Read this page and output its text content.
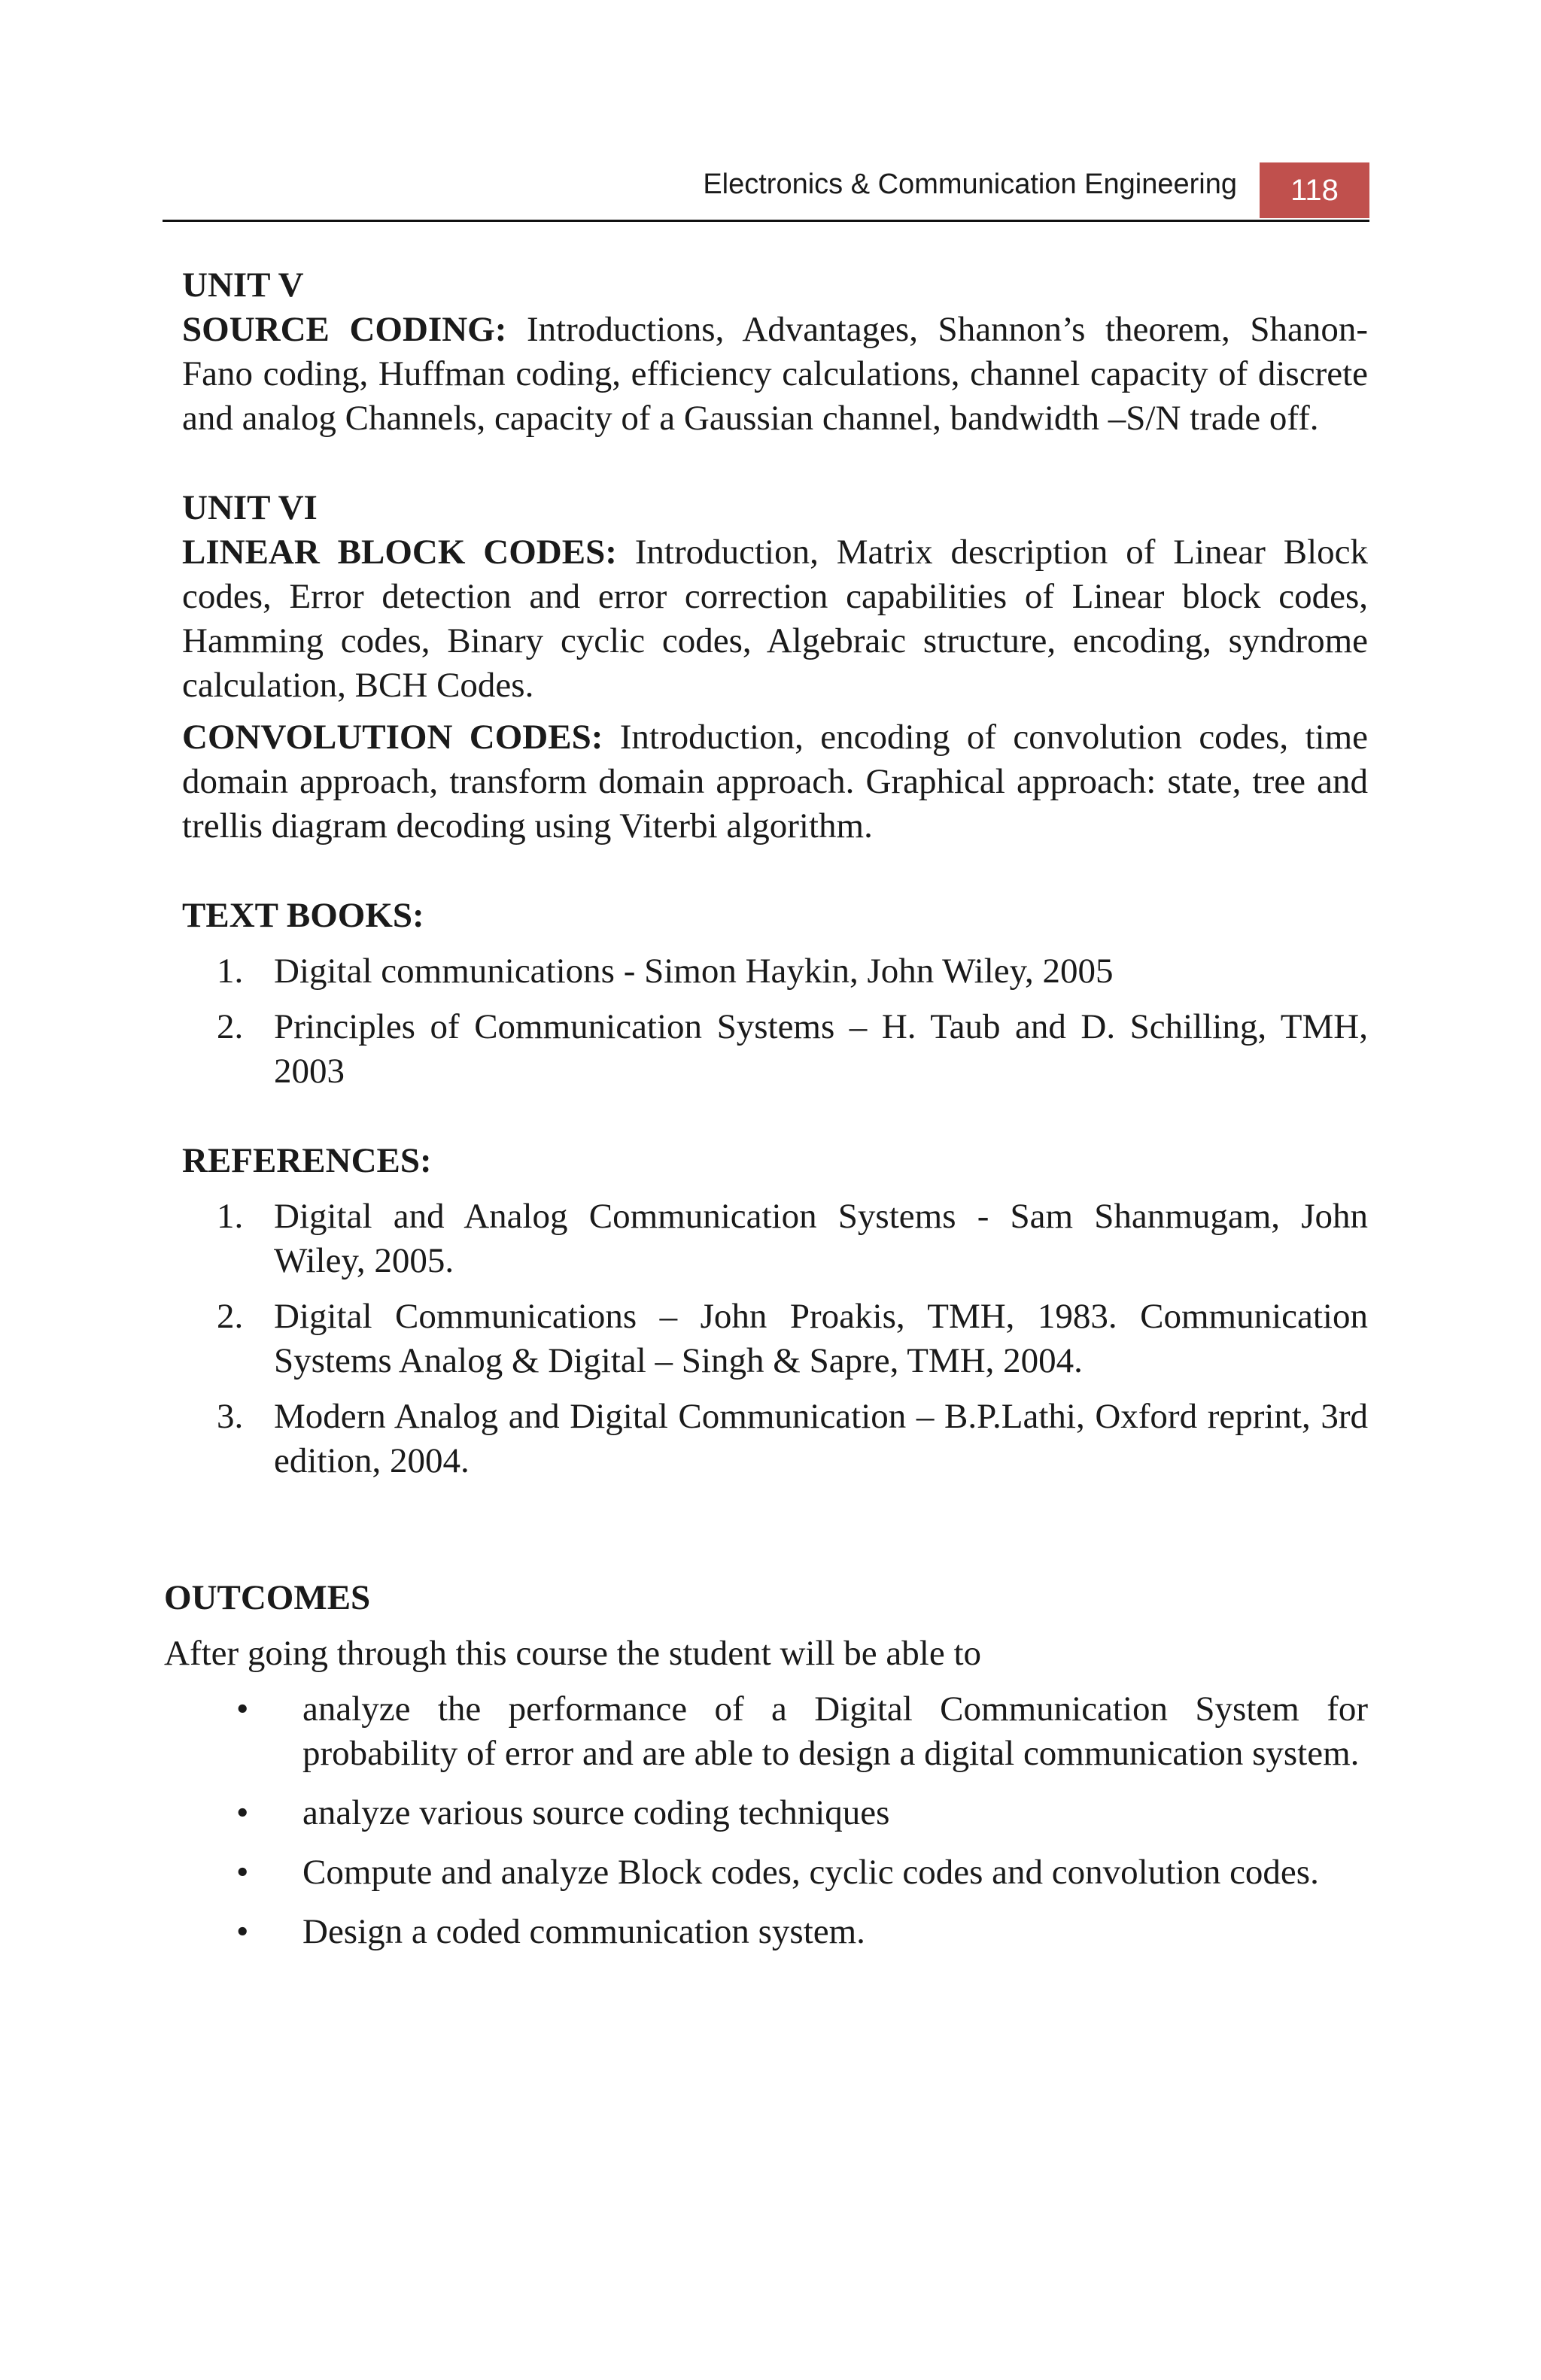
Electronics & Communication Engineering	118
UNIT V

SOURCE CODING: Introductions, Advantages, Shannon’s theorem, Shanon-Fano coding, Huffman coding, efficiency calculations, channel capacity of discrete and analog Channels, capacity of a Gaussian channel, bandwidth –S/N trade off.

UNIT VI

LINEAR BLOCK CODES: Introduction, Matrix description of Linear Block codes, Error detection and error correction capabilities of Linear block codes, Hamming codes, Binary cyclic codes, Algebraic structure, encoding, syndrome calculation, BCH Codes.

CONVOLUTION CODES: Introduction, encoding of convolution codes, time domain approach, transform domain approach. Graphical approach: state, tree and trellis diagram decoding using Viterbi algorithm.

TEXT BOOKS:
1. Digital communications - Simon Haykin, John Wiley, 2005
2. Principles of Communication Systems – H. Taub and D. Schilling, TMH, 2003
REFERENCES:
1. Digital and Analog Communication Systems - Sam Shanmugam, John Wiley, 2005.
2. Digital Communications – John Proakis, TMH, 1983. Communication Systems Analog & Digital – Singh & Sapre, TMH, 2004.
3. Modern Analog and Digital Communication – B.P.Lathi, Oxford reprint, 3rd edition, 2004.
OUTCOMES

After going through this course the student will be able to

• analyze the performance of a Digital Communication System for probability of error and are able to design a digital communication system.
• analyze various source coding techniques
• Compute and analyze Block codes, cyclic codes and convolution codes.
• Design a coded communication system.
